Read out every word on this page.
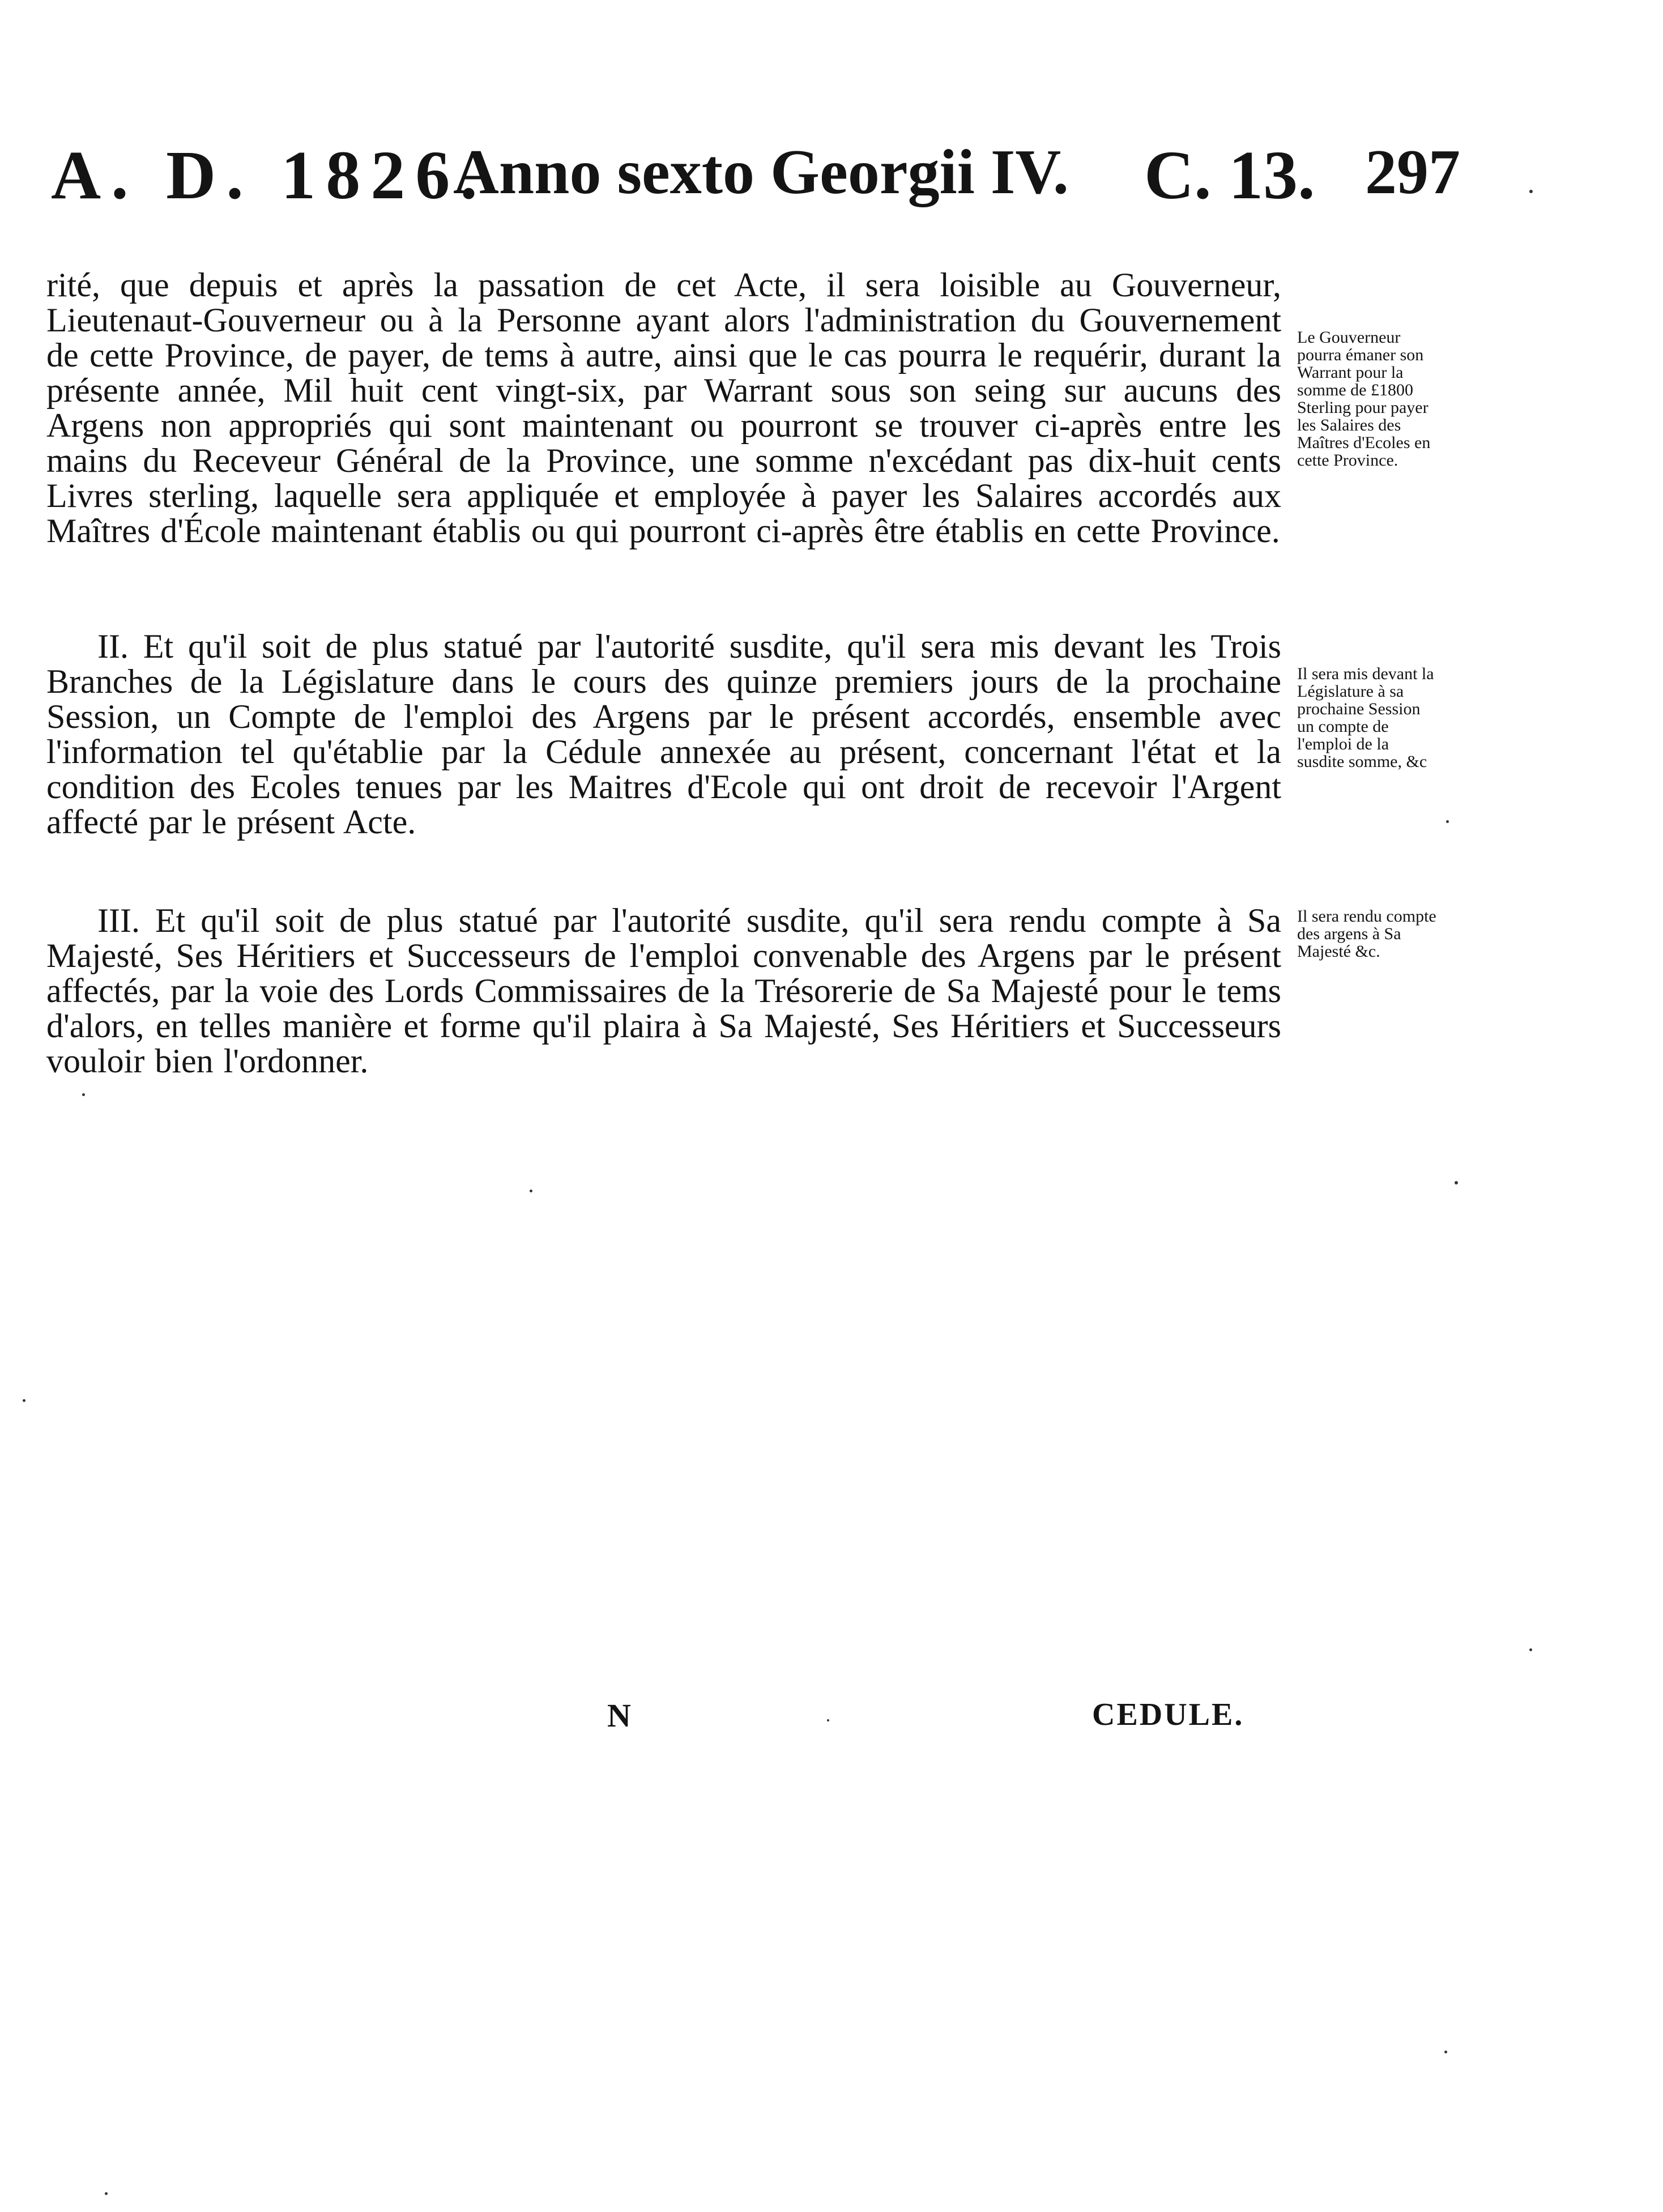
A. D. 1826.
Anno sexto Georgii IV. C. 13. 297

rité, que depuis et après la passation de cet Acte, il sera loisible au Gouverneur, Lieutenaut-Gouverneur ou à la Personne ayant alors l'administration du Gouvernement de cette Province, de payer, de tems à autre, ainsi que le cas pourra le requérir, durant la présente année, Mil huit cent vingt-six, par Warrant sous son seing sur aucuns des Argens non appropriés qui sont maintenant ou pourront se trouver ci-après entre les mains du Receveur Général de la Province, une somme n'excédant pas dix-huit cents Livres sterling, laquelle sera appliquée et employée à payer les Salaires accordés aux Maîtres d'École maintenant établis ou qui pourront ci-après être établis en cette Province.

Le Gouverneur pourra émaner son Warrant pour la somme de £1800 Sterling pour payer les Salaires des Maîtres d'Ecoles en cette Province.

II. Et qu'il soit de plus statué par l'autorité susdite, qu'il sera mis devant les Trois Branches de la Législature dans le cours des quinze premiers jours de la prochaine Session, un Compte de l'emploi des Argens par le présent accordés, ensemble avec l'information tel qu'établie par la Cédule annexée au présent, concernant l'état et la condition des Ecoles tenues par les Maitres d'Ecole qui ont droit de recevoir l'Argent affecté par le présent Acte.

Il sera mis devant la Législature à sa prochaine Session un compte de l'emploi de la susdite somme, &c

III. Et qu'il soit de plus statué par l'autorité susdite, qu'il sera rendu compte à Sa Majesté, Ses Héritiers et Successeurs de l'emploi convenable des Argens par le présent affectés, par la voie des Lords Commissaires de la Trésorerie de Sa Majesté pour le tems d'alors, en telles manière et forme qu'il plaira à Sa Majesté, Ses Héritiers et Successeurs vouloir bien l'ordonner.

Il sera rendu compte des argens à Sa Majesté &c.
N	CEDULE.
